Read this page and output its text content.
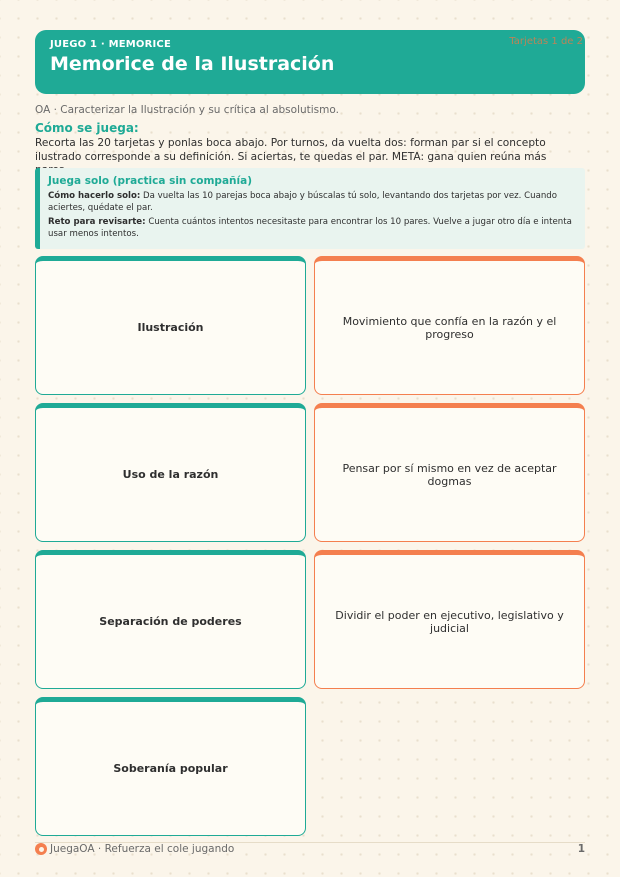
JUEGO 1 · MEMORICE
Memorice de la Ilustración
Tarjetas 1 de 2
OA · Caracterizar la Ilustración y su crítica al absolutismo.
Cómo se juega:
Recorta las 20 tarjetas y ponlas boca abajo. Por turnos, da vuelta dos: forman par si el concepto ilustrado corresponde a su definición. Si aciertas, te quedas el par. META: gana quien reúna más
Juega solo (practica sin compañía)
Cómo hacerlo solo: Da vuelta las 10 parejas boca abajo y búscalas tú solo, levantando dos tarjetas por vez. Cuando aciertes, quédate el par.
Reto para revisarte: Cuenta cuántos intentos necesitaste para encontrar los 10 pares. Vuelve a jugar otro día e intenta usar menos intentos.
Ilustración	Movimiento que confía en la razón y el progreso
Uso de la razón	Pensar por sí mismo en vez de aceptar dogmas
Separación de poderes	Dividir el poder en ejecutivo, legislativo y judicial
Soberanía popular
JuegaOA · Refuerza el cole jugando	1
